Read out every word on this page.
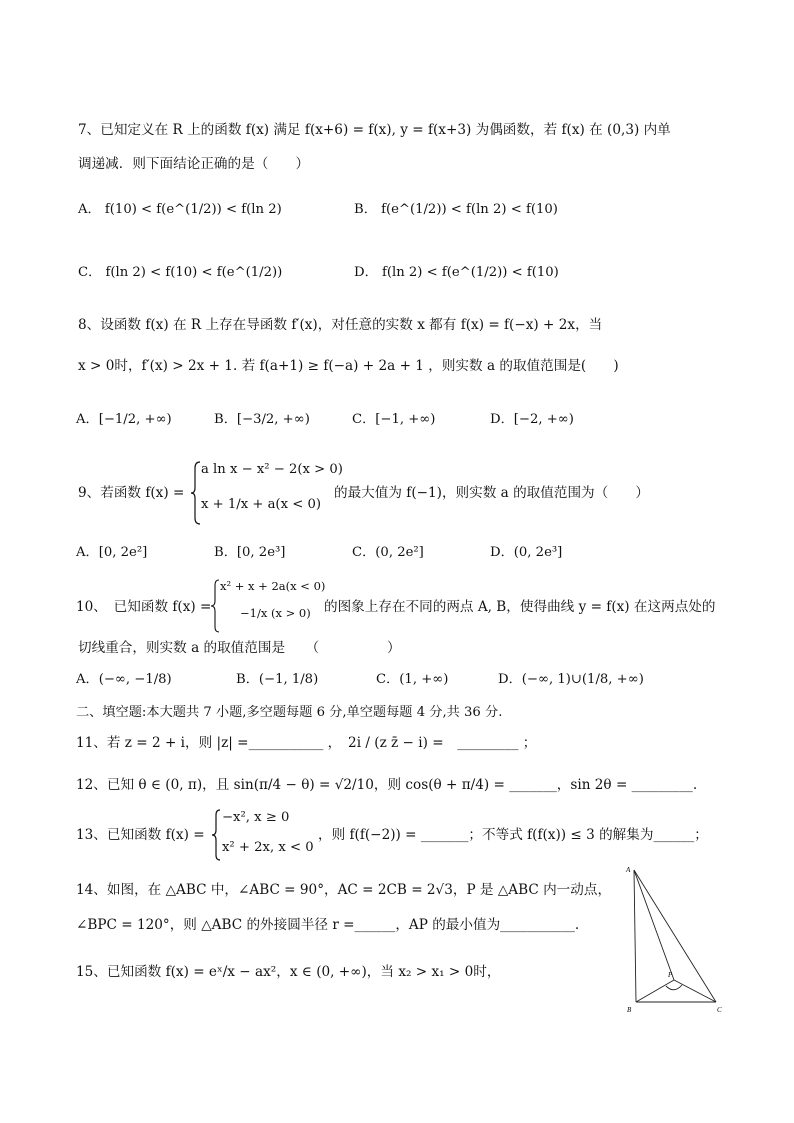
7、已知定义在 R 上的函数 f(x) 满足 f(x+6) = f(x), y = f(x+3) 为偶函数，若 f(x) 在 (0,3) 内单
调递减．则下面结论正确的是（　　）
A． f(10) < f(e^(1/2)) < f(ln 2)	B． f(e^(1/2)) < f(ln 2) < f(10)
C． f(ln 2) < f(10) < f(e^(1/2))	D． f(ln 2) < f(e^(1/2)) < f(10)
8、设函数 f(x) 在 R 上存在导函数 f′(x)，对任意的实数 x 都有 f(x) = f(−x) + 2x，当
x > 0时，f′(x) > 2x + 1. 若 f(a+1) ≥ f(−a) + 2a + 1 ，则实数 a 的取值范围是(　　)
A．[−1/2, +∞)	B．[−3/2, +∞)	C．[−1, +∞)	D．[−2, +∞)
9、若函数 f(x) =
a ln x − x² − 2(x > 0)
x + 1/x + a(x < 0)
的最大值为 f(−1)，则实数 a 的取值范围为（　　）
A．[0, 2e²]	B．[0, 2e³]	C．(0, 2e²]	D．(0, 2e³]
10、　已知函数 f(x) =
x² + x + 2a(x < 0)
−1/x (x > 0) 的图象上存在不同的两点 A, B，使得曲线 y = f(x) 在这两点处的
切线重合，则实数 a 的取值范围是　　（　　　　　）
A．(−∞, −1/8)	B．(−1, 1/8)	C．(1, +∞)	D．(−∞, 1)∪(1/8, +∞)
二、填空题:本大题共 7 小题,多空题每题 6 分,单空题每题 4 分,共 36 分.
11、若 z = 2 + i，则 |z| =___________ ，　2i / (z z̄ − i) =　_________ ；
12、已知 θ ∈ (0, π)，且 sin(π/4 − θ) = √2/10，则 cos(θ + π/4) = _______，sin 2θ = _________.
13、已知函数 f(x) =
−x², x ≥ 0
x² + 2x, x < 0
，则 f(f(−2)) = _______；不等式 f(f(x)) ≤ 3 的解集为______；
14、如图，在 △ABC 中，∠ABC = 90°，AC = 2CB = 2√3，P 是 △ABC 内一动点，
∠BPC = 120°，则 △ABC 的外接圆半径 r =______，AP 的最小值为___________.
15、已知函数 f(x) = eˣ/x − ax²，x ∈ (0, +∞)，当 x₂ > x₁ > 0时，
A
B	C
P
